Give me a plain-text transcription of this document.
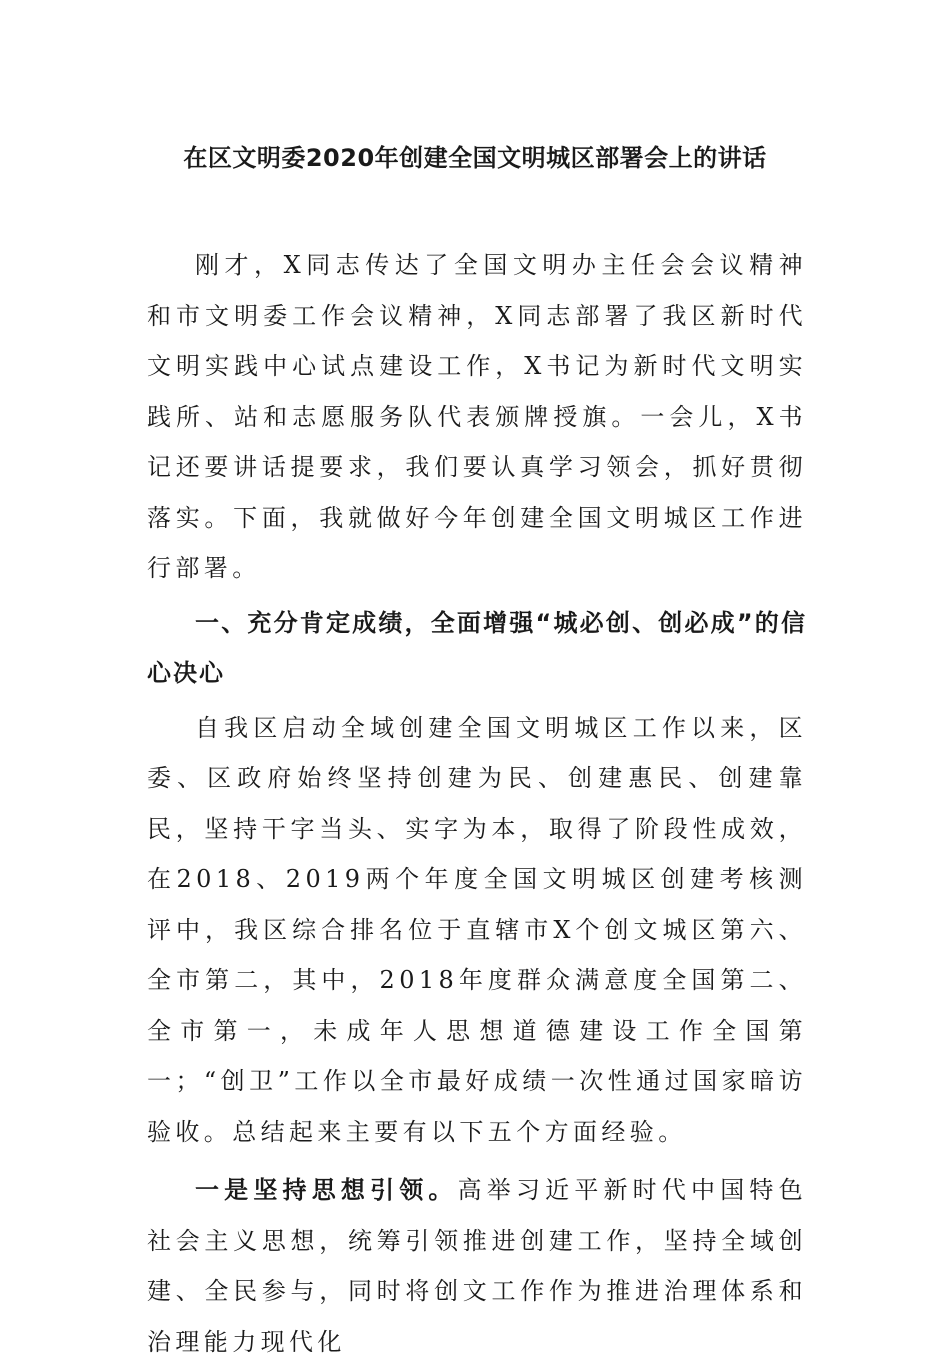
在区文明委2020年创建全国文明城区部署会上的讲话

刚才，X同志传达了全国文明办主任会会议精神和市文明委工作会议精神，X同志部署了我区新时代文明实践中心试点建设工作，X书记为新时代文明实践所、站和志愿服务队代表颁牌授旗。一会儿，X书记还要讲话提要求，我们要认真学习领会，抓好贯彻落实。下面，我就做好今年创建全国文明城区工作进行部署。

一、充分肯定成绩，全面增强“城必创、创必成”的信心决心

自我区启动全域创建全国文明城区工作以来，区委、区政府始终坚持创建为民、创建惠民、创建靠民，坚持干字当头、实字为本，取得了阶段性成效，在2018、2019两个年度全国文明城区创建考核测评中，我区综合排名位于直辖市X个创文城区第六、全市第二，其中，2018年度群众满意度全国第二、全市第一，未成年人思想道德建设工作全国第一；“创卫”工作以全市最好成绩一次性通过国家暗访验收。总结起来主要有以下五个方面经验。

一是坚持思想引领。高举习近平新时代中国特色社会主义思想，统筹引领推进创建工作，坚持全域创建、全民参与，同时将创文工作作为推进治理体系和治理能力现代化
